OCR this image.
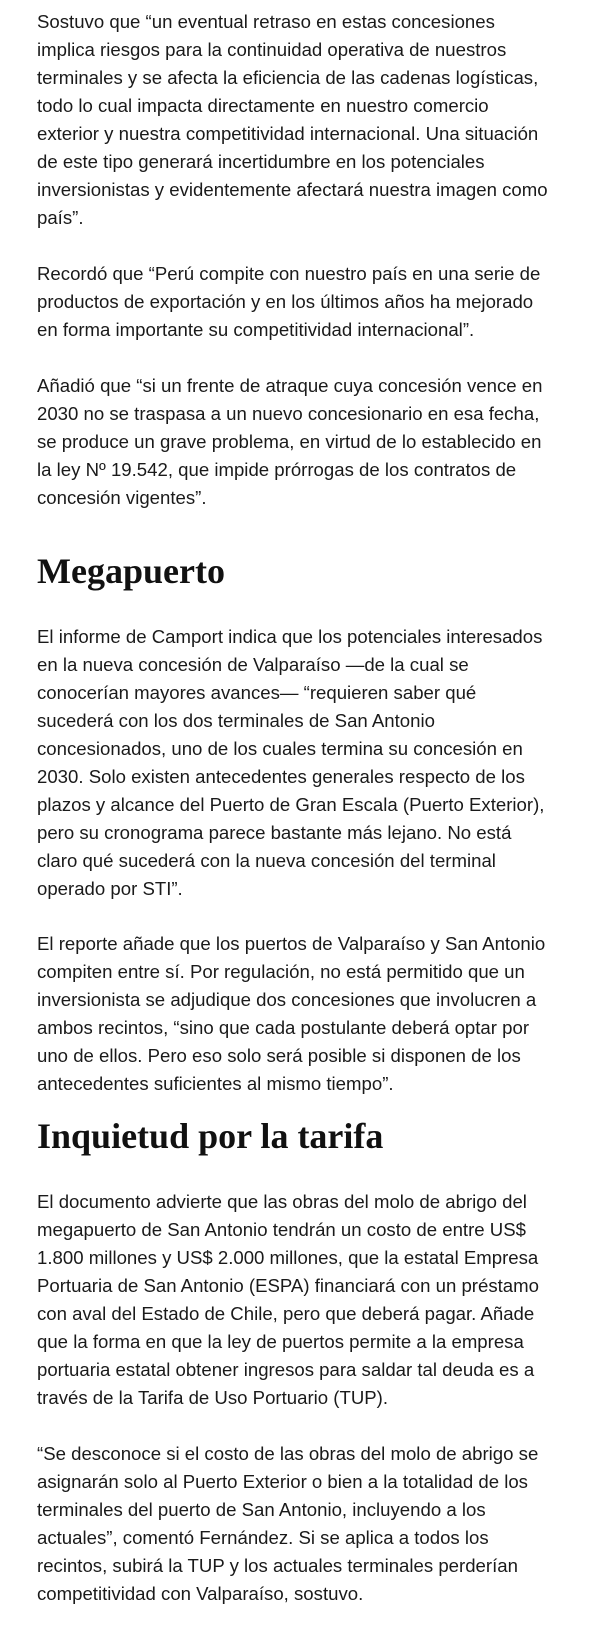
Sostuvo que “un eventual retraso en estas concesiones
implica riesgos para la continuidad operativa de nuestros
terminales y se afecta la eficiencia de las cadenas logísticas,
todo lo cual impacta directamente en nuestro comercio
exterior y nuestra competitividad internacional. Una situación
de este tipo generará incertidumbre en los potenciales
inversionistas y evidentemente afectará nuestra imagen como
país”.

Recordó que “Perú compite con nuestro país en una serie de
productos de exportación y en los últimos años ha mejorado
en forma importante su competitividad internacional”.

Añadió que “si un frente de atraque cuya concesión vence en
2030 no se traspasa a un nuevo concesionario en esa fecha,
se produce un grave problema, en virtud de lo establecido en
la ley Nº 19.542, que impide prórrogas de los contratos de
concesión vigentes”.

Megapuerto

El informe de Camport indica que los potenciales interesados
en la nueva concesión de Valparaíso —de la cual se
conocerían mayores avances— “requieren saber qué
sucederá con los dos terminales de San Antonio
concesionados, uno de los cuales termina su concesión en
2030. Solo existen antecedentes generales respecto de los
plazos y alcance del Puerto de Gran Escala (Puerto Exterior),
pero su cronograma parece bastante más lejano. No está
claro qué sucederá con la nueva concesión del terminal
operado por STI”.

El reporte añade que los puertos de Valparaíso y San Antonio
compiten entre sí. Por regulación, no está permitido que un
inversionista se adjudique dos concesiones que involucren a
ambos recintos, “sino que cada postulante deberá optar por
uno de ellos. Pero eso solo será posible si disponen de los
antecedentes suficientes al mismo tiempo”.

Inquietud por la tarifa

El documento advierte que las obras del molo de abrigo del
megapuerto de San Antonio tendrán un costo de entre US$
1.800 millones y US$ 2.000 millones, que la estatal Empresa
Portuaria de San Antonio (ESPA) financiará con un préstamo
con aval del Estado de Chile, pero que deberá pagar. Añade
que la forma en que la ley de puertos permite a la empresa
portuaria estatal obtener ingresos para saldar tal deuda es a
través de la Tarifa de Uso Portuario (TUP).

“Se desconoce si el costo de las obras del molo de abrigo se
asignarán solo al Puerto Exterior o bien a la totalidad de los
terminales del puerto de San Antonio, incluyendo a los
actuales”, comentó Fernández. Si se aplica a todos los
recintos, subirá la TUP y los actuales terminales perderían
competitividad con Valparaíso, sostuvo.
